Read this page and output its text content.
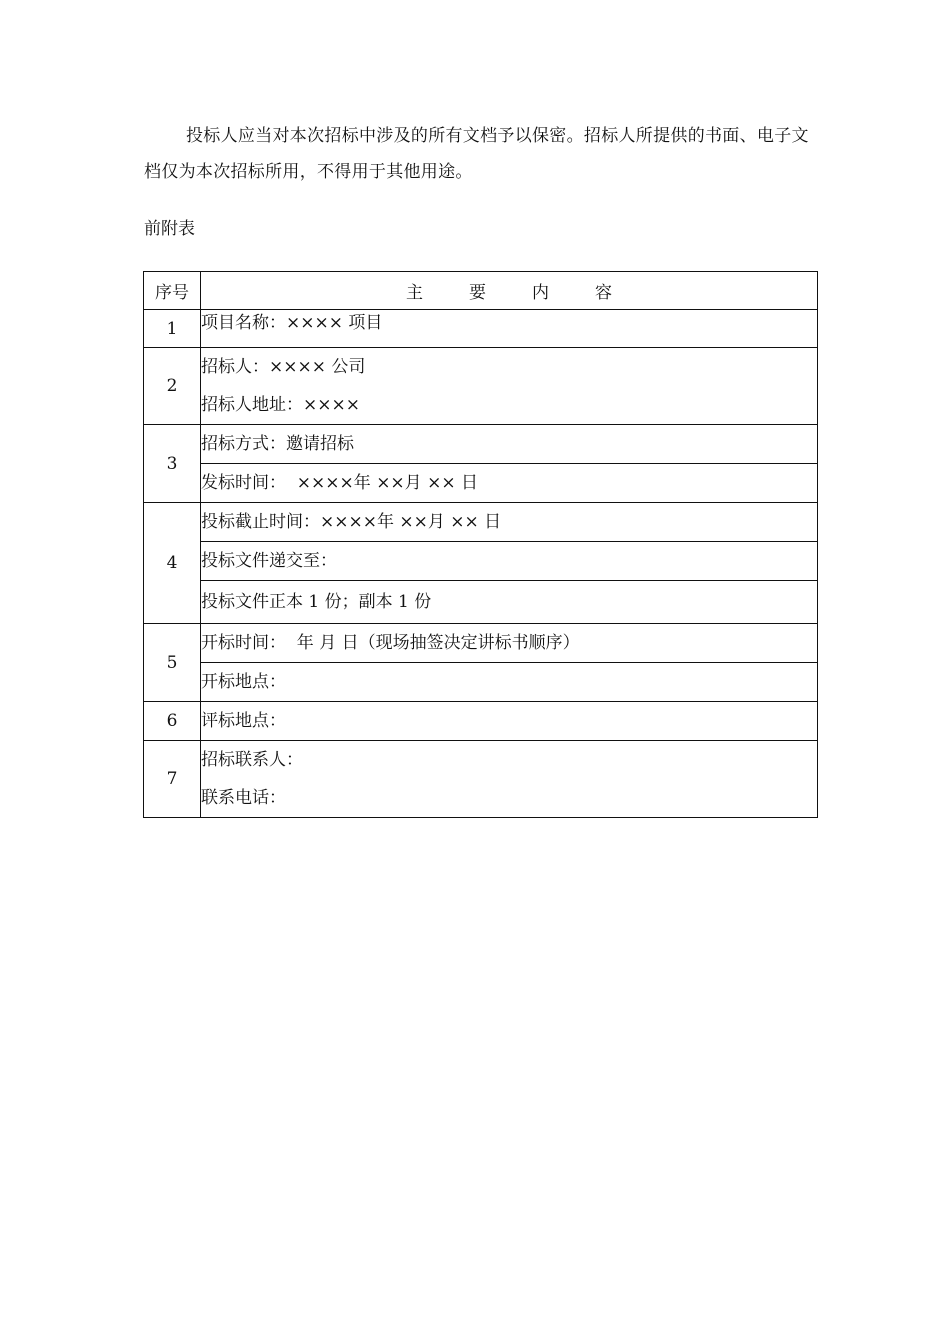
投标人应当对本次招标中涉及的所有文档予以保密。招标人所提供的书面、电子文档仅为本次招标所用，不得用于其他用途。

前附表

序号	主 要 内 容
1	项目名称：×××× 项目

2	招标人：×××× 公司
招标人地址：××××

3	招标方式：邀请招标

	发标时间：  ××××年 ××月 ×× 日

4	投标截止时间：××××年 ××月 ×× 日

	投标文件递交至：

	投标文件正本 1 份；副本 1 份

5	开标时间：  年 月 日（现场抽签决定讲标书顺序）

	开标地点：

6	评标地点：

7	招标联系人：
联系电话：
